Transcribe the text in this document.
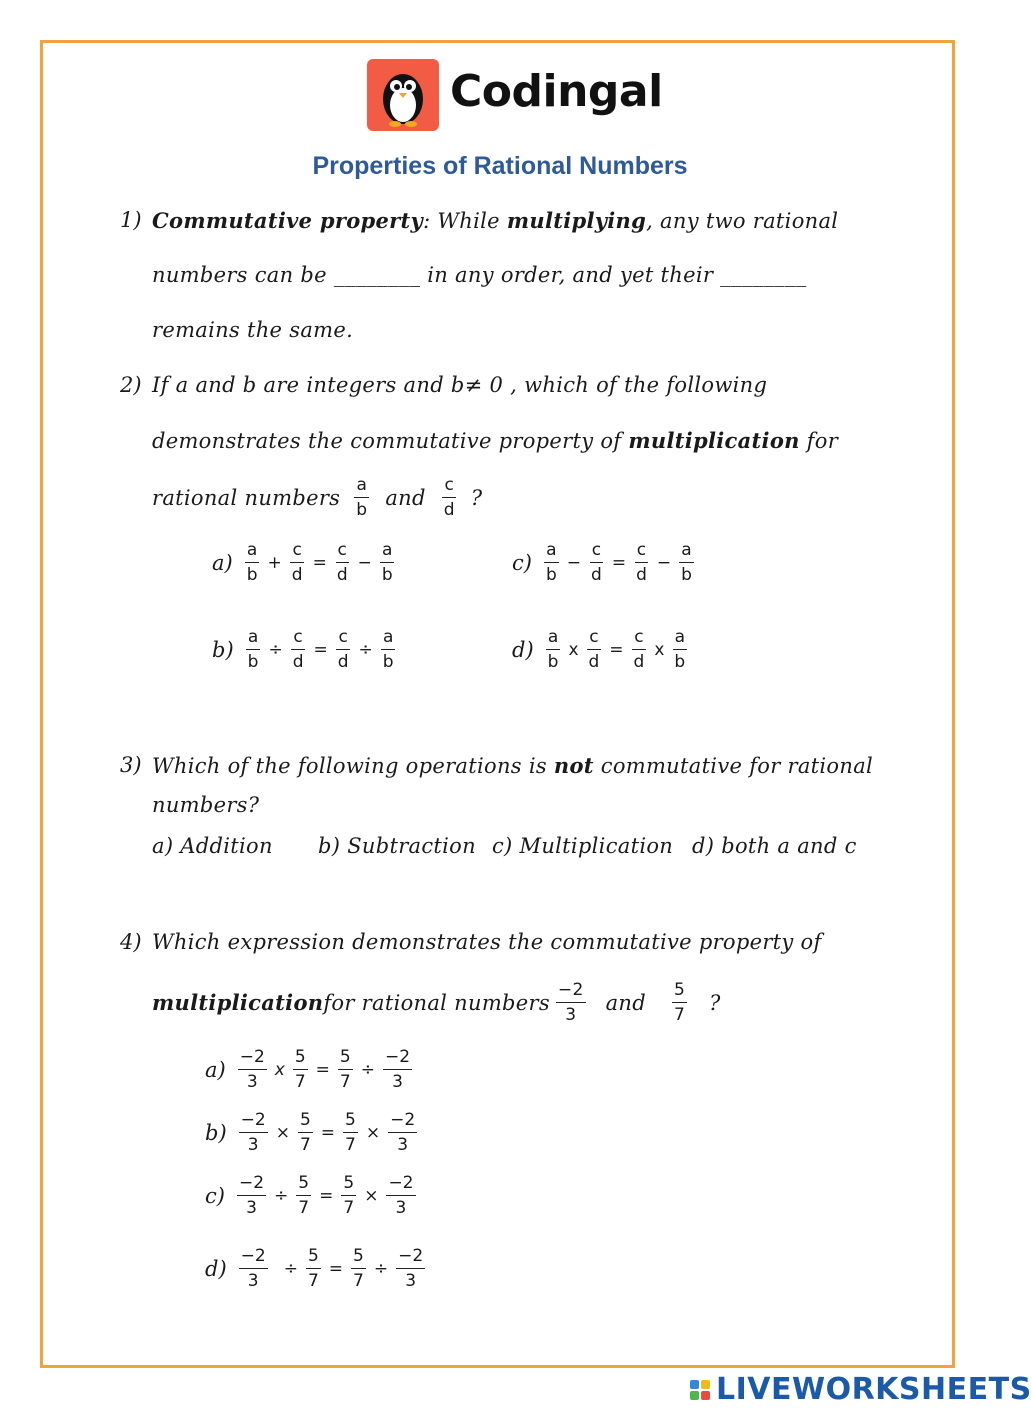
Codingal
Properties of Rational Numbers
1) Commutative property: While multiplying, any two rational
numbers can be ________ in any order, and yet their ________
remains the same.
2) If a and b are integers and b≠ 0 , which of the following
demonstrates the commutative property of multiplication for
rational numbers $\frac{a}{b}$ and $\frac{c}{d}$ ?
$a) \frac{a}{b} + \frac{c}{d} = \frac{c}{d} - \frac{a}{b}$
$b) \frac{a}{b} \div \frac{c}{d} = \frac{c}{d} \div \frac{a}{b}$
$c) \frac{a}{b} - \frac{c}{d} = \frac{c}{d} - \frac{a}{b}$
$d) \frac{a}{b}$ x $\frac{c}{d} = \frac{c}{d}$ x $\frac{a}{b}$
3) Which of the following operations is not commutative for rational
numbers?
a) Addition b) Subtraction c) Multiplication d) both a and c
4) Which expression demonstrates the commutative property of
multiplication for rational numbers $\frac{-2}{3}$ and $\frac{5}{7}$ ?
$a) \frac{-2}{3}$ x $\frac{5}{7} = \frac{5}{7} \div \frac{-2}{3}$
$b) \frac{-2}{3} \times \frac{5}{7} = \frac{5}{7} \times \frac{-2}{3}$
$c) \frac{-2}{3} \div \frac{5}{7} = \frac{5}{7} \times \frac{-2}{3}$
$d) \frac{-2}{3} \div \frac{5}{7} = \frac{5}{7} \div \frac{-2}{3}$
LIVEWORKSHEETS
